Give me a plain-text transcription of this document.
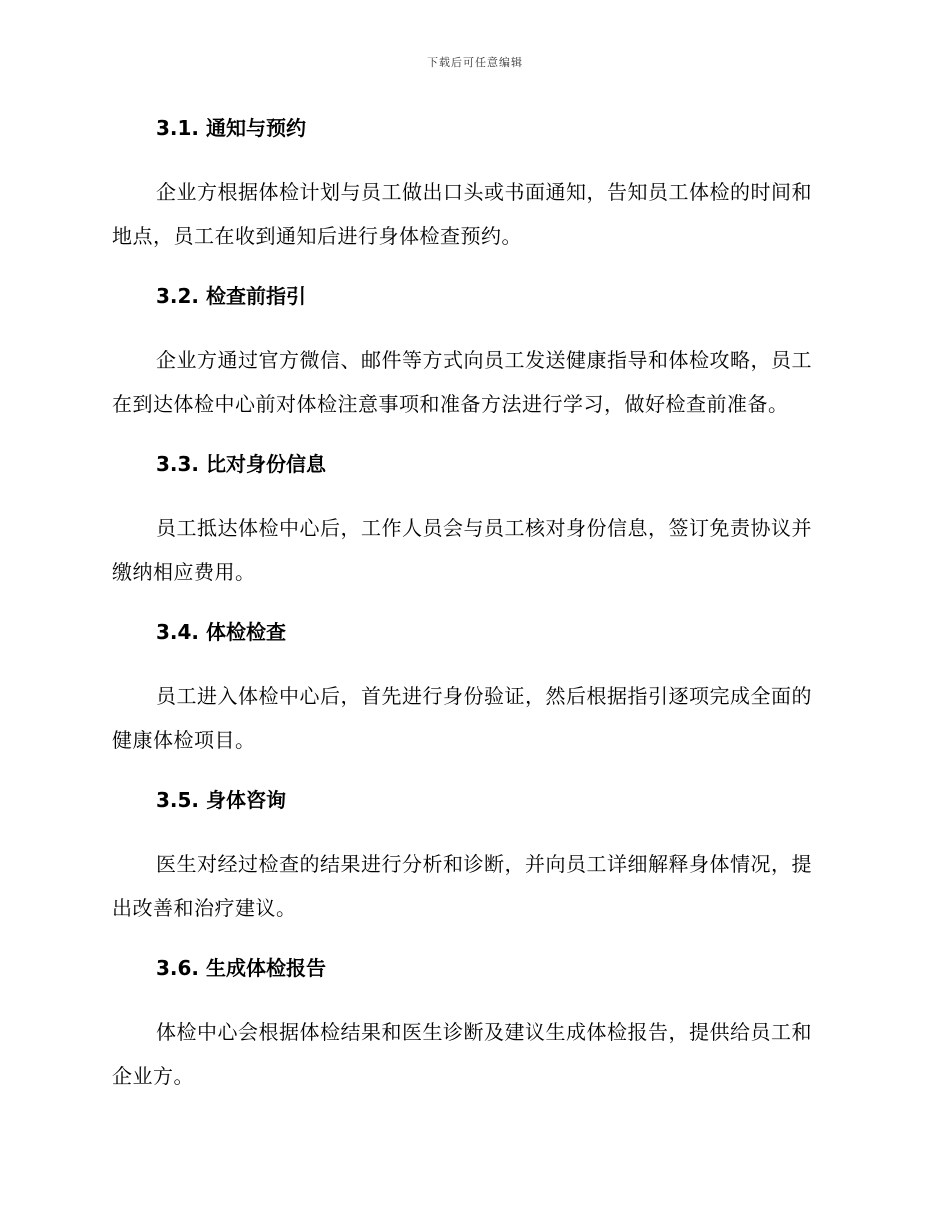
下载后可任意编辑
3.1. 通知与预约
企业方根据体检计划与员工做出口头或书面通知，告知员工体检的时间和地点，员工在收到通知后进行身体检查预约。
3.2. 检查前指引
企业方通过官方微信、邮件等方式向员工发送健康指导和体检攻略，员工在到达体检中心前对体检注意事项和准备方法进行学习，做好检查前准备。
3.3. 比对身份信息
员工抵达体检中心后，工作人员会与员工核对身份信息，签订免责协议并缴纳相应费用。
3.4. 体检检查
员工进入体检中心后，首先进行身份验证，然后根据指引逐项完成全面的健康体检项目。
3.5. 身体咨询
医生对经过检查的结果进行分析和诊断，并向员工详细解释身体情况，提出改善和治疗建议。
3.6. 生成体检报告
体检中心会根据体检结果和医生诊断及建议生成体检报告，提供给员工和企业方。
